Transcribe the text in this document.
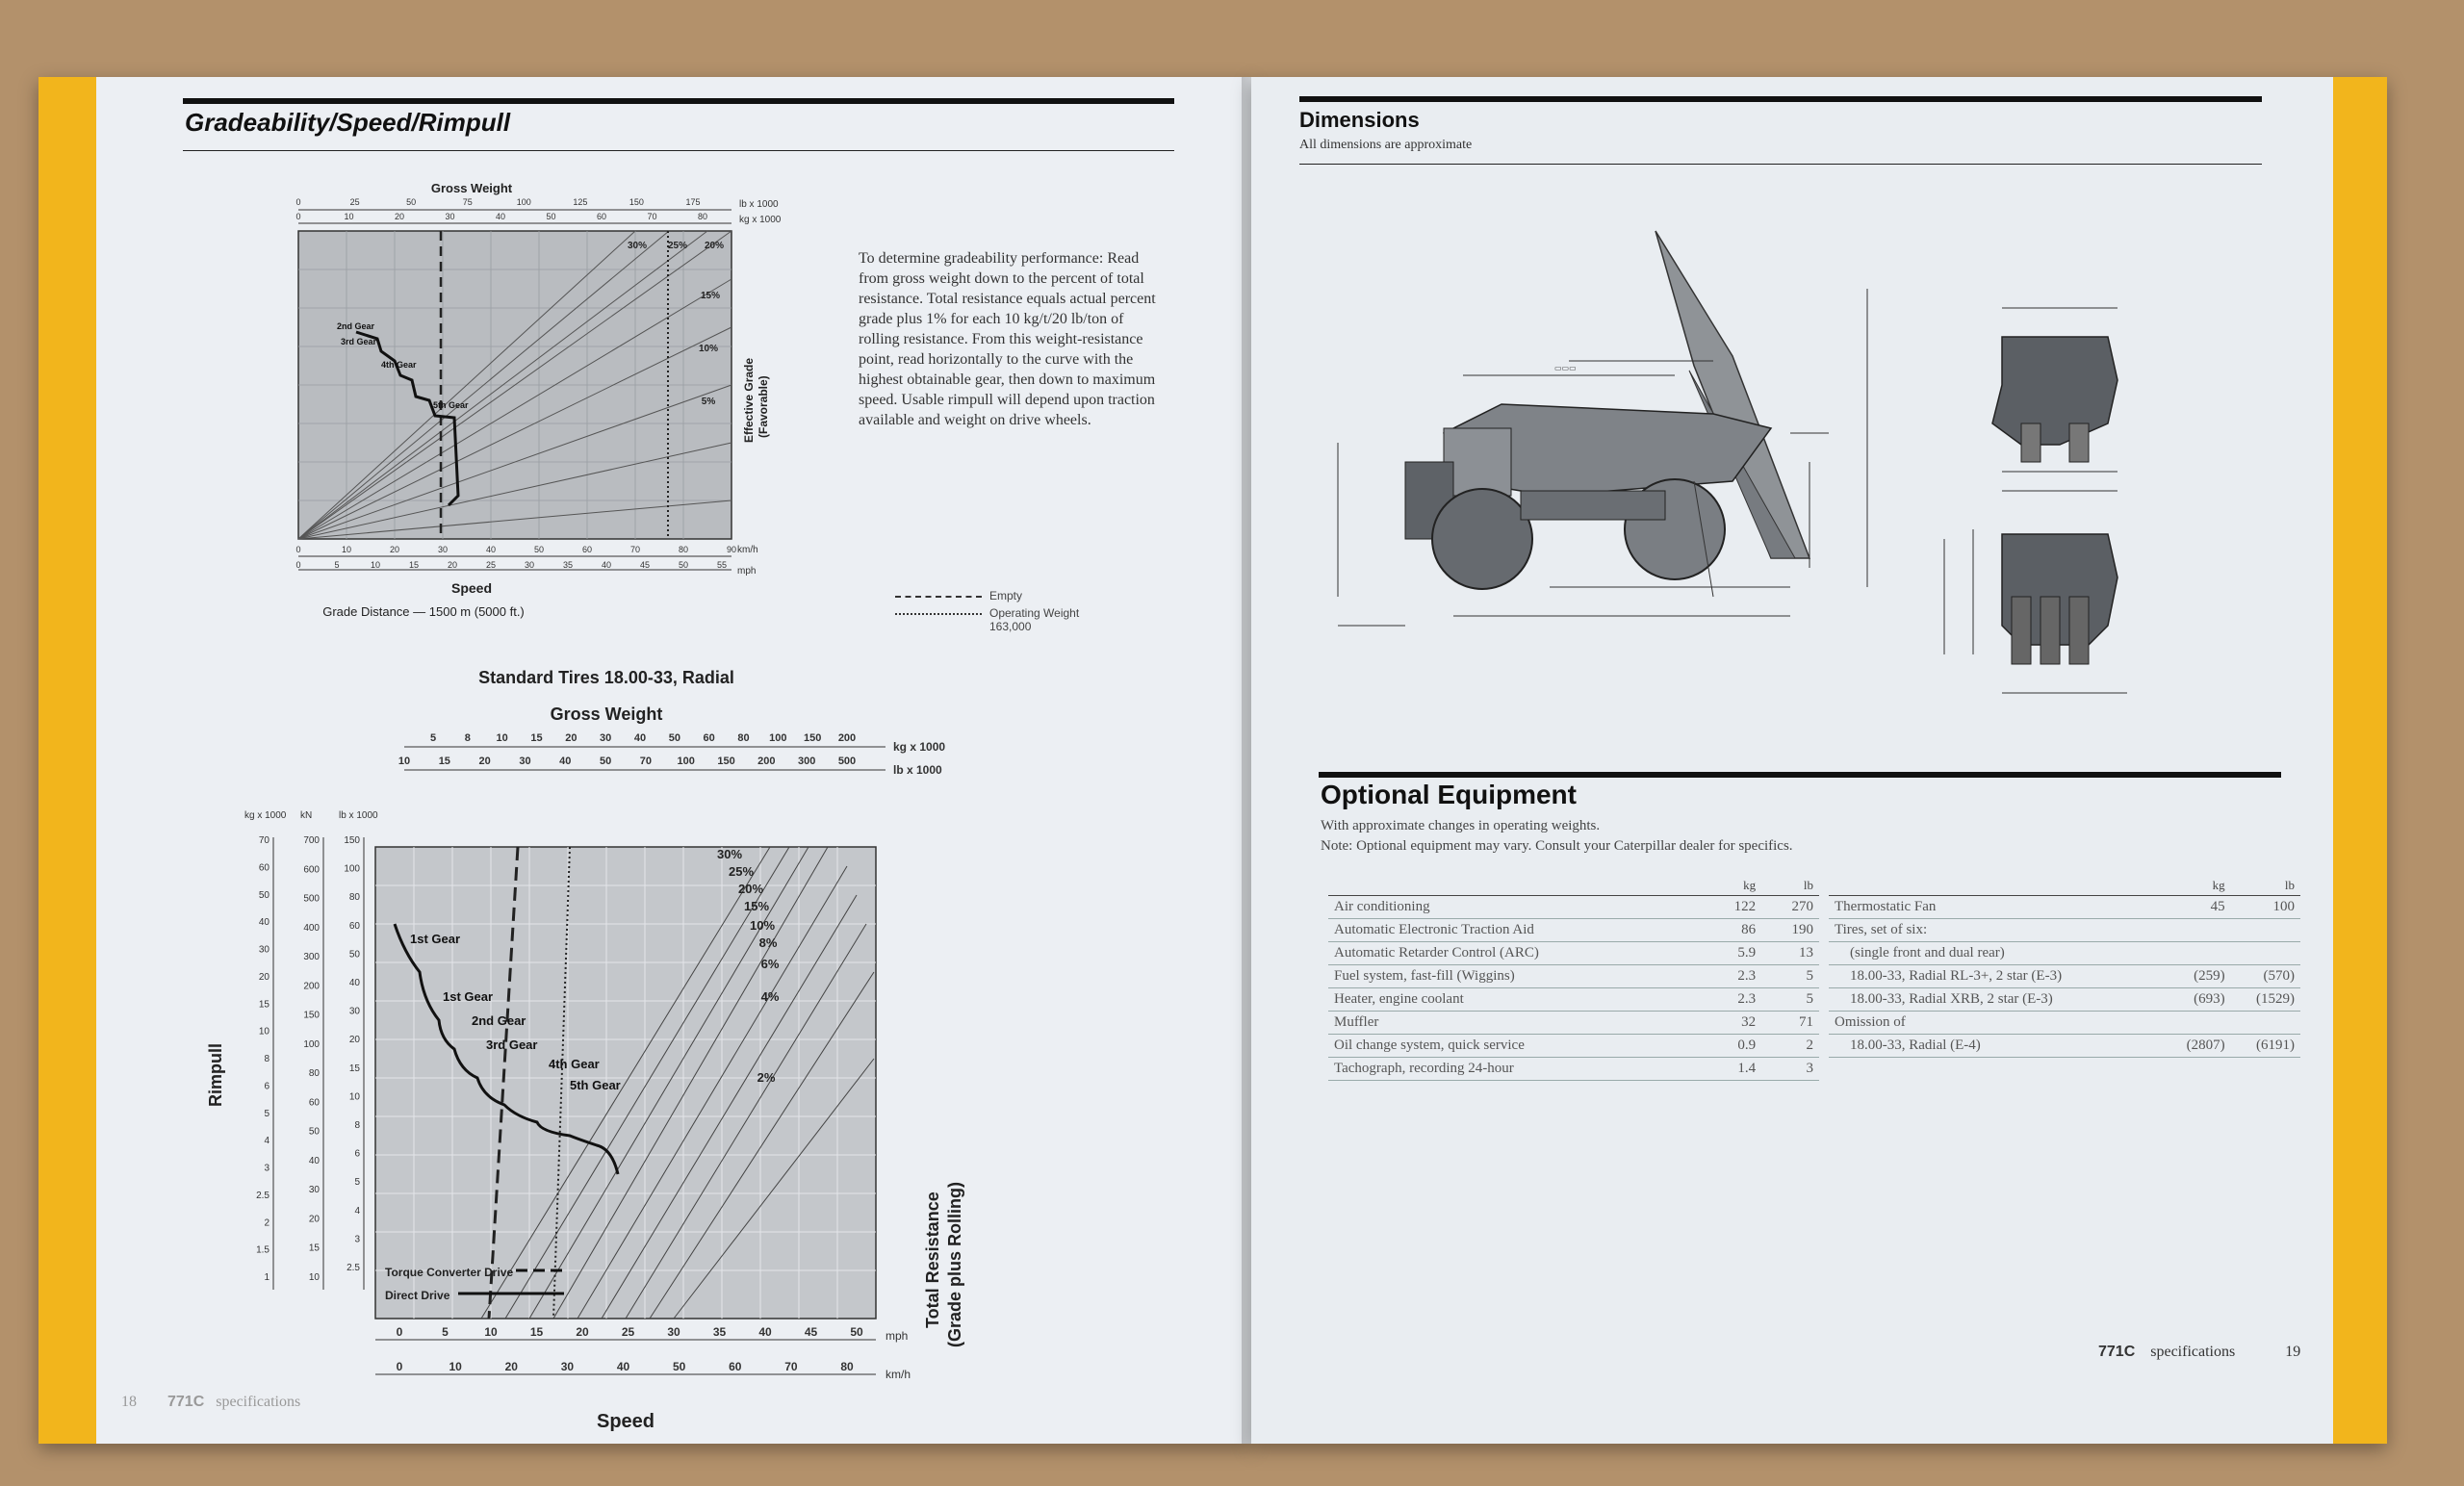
Gradeability/Speed/Rimpull
Gross Weight
0	25	50	75	100	125	150	175
0	10	20	30	40	50	60	70	80
lb x 1000
kg x 1000
30% 25% 20%
15%
10%
5%
2nd Gear
3rd Gear
4th Gear
5th Gear	Effective Grade (Favorable)
0	10	20	30	40	50	60	70	80	90
0	5	10	15	20	25	30	35	40	45	50	55
km/h
mph
Speed
Grade Distance — 1500 m (5000 ft.)
To determine gradeability performance: Read from gross weight down to the percent of total resistance. Total resistance equals actual percent grade plus 1% for each 10 kg/t/20 lb/ton of rolling resistance. From this weight-resistance point, read horizontally to the curve with the highest obtainable gear, then down to maximum speed. Usable rimpull will depend upon traction available and weight on drive wheels.
Empty
Operating Weight
163,000
Standard Tires 18.00-33, Radial
Gross Weight
5	8 10 15 20 30 40 50 60 80 100 150 200
10	15	20	30	40	50	70 100 150 200 300 500
kg x 1000
lb x 1000
kg x 1000 kN	lb x 1000
70
60
50
40
30
20
15
10
8
6
5
4
3
2.5
2
1.5
1
700
600
500
400
300
200
150
100
80
60
50
40
30
20
15
10
150
100
80
60
50
40
30
20
15
10
8
6
5
4
3
2.5
Rimpull
30%
25%
20%
15%
10%
8%
6%
4%
2%
1st Gear
1st Gear
2nd Gear
3rd Gear
4th Gear
5th Gear
Torque Converter Drive
Direct Drive	Total Resistance (Grade plus Rolling)
0	5	10	15	20	25	30	35	40	45	50
0	10	20	30	40	50	60	70	80
mph
km/h
Speed
18 771C specifications
Dimensions
All dimensions are approximate
▭▭▭
Optional Equipment
With approximate changes in operating weights.
Note: Optional equipment may vary. Consult your Caterpillar dealer for specifics.
	kg	lb
Air conditioning	122	270
Automatic Electronic Traction Aid	86	190
Automatic Retarder Control (ARC)	5.9	13
Fuel system, fast-fill (Wiggins)	2.3	5
Heater, engine coolant	2.3	5
Muffler	32	71
Oil change system, quick service	0.9	2
Tachograph, recording 24-hour	1.4	3
	kg	lb
Thermostatic Fan	45	100
Tires, set of six:		
(single front and dual rear)		
18.00-33, Radial RL-3+, 2 star (E-3)	(259)	(570)
18.00-33, Radial XRB, 2 star (E-3)	(693)	(1529)
Omission of		
18.00-33, Radial (E-4)	(2807)	(6191)
771C specifications	19
